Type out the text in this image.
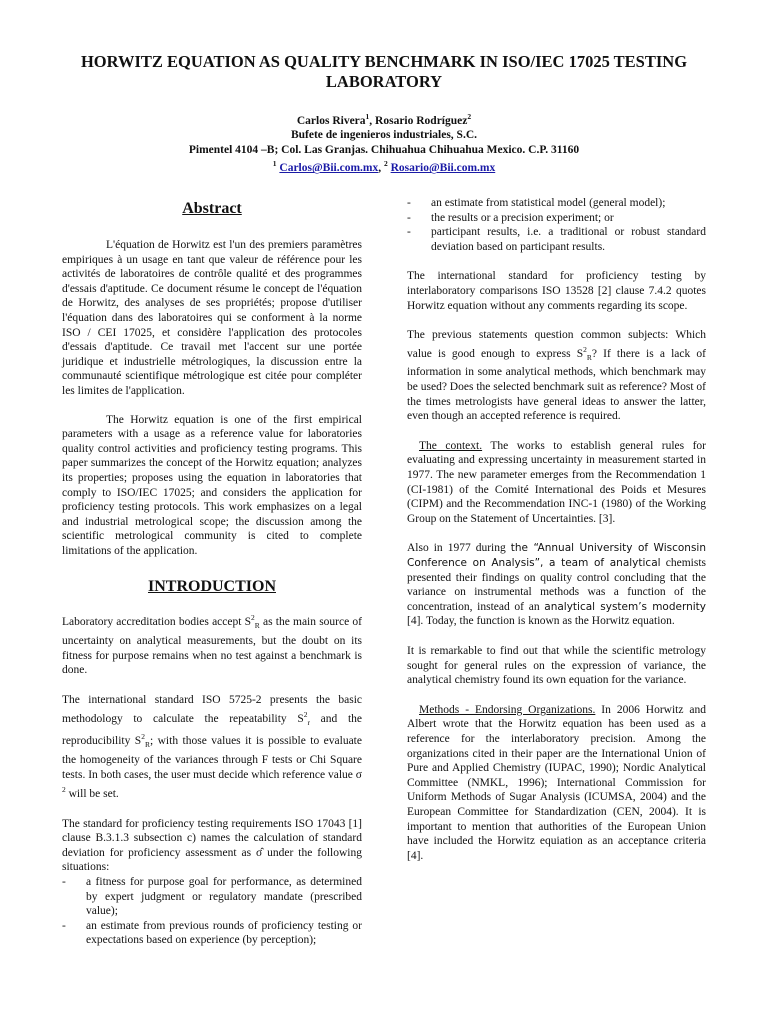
HORWITZ EQUATION AS QUALITY BENCHMARK IN ISO/IEC 17025 TESTING LABORATORY
Carlos Rivera$^1$, Rosario Rodríguez$^2$
Bufete de ingenieros industriales, S.C.
Pimentel 4104 –B; Col. Las Granjas. Chihuahua Chihuahua Mexico. C.P. 31160
$^1$ Carlos@Bii.com.mx, $^2$ Rosario@Bii.com.mx
Abstract

L'équation de Horwitz est l'un des premiers paramètres empiriques à un usage en tant que valeur de référence pour les activités de laboratoires de contrôle qualité et des programmes d'essais d'aptitude. Ce document résume le concept de l'équation de Horwitz, des analyses de ses propriétés; propose d'utiliser l'équation dans des laboratoires qui se conforment à la norme ISO / CEI 17025, et considère l'application des protocoles d'essais d'aptitude. Ce travail met l'accent sur une portée juridique et industrielle métrologiques, la discussion entre la communauté scientifique métrologique est citée pour compléter les limites de l'application.

The Horwitz equation is one of the first empirical parameters with a usage as a reference value for laboratories quality control activities and proficiency testing programs. This paper summarizes the concept of the Horwitz equation; analyzes its properties; proposes using the equation in laboratories that comply to ISO/IEC 17025; and considers the application for proficiency testing protocols. This work emphasizes on a legal and industrial metrological scope; the discussion among the scientific metrological community is cited to complete limitations of the application.

INTRODUCTION

Laboratory accreditation bodies accept $S^2_R$ as the main source of uncertainty on analytical measurements, but the doubt on its fitness for purpose remains when no test against a benchmark is done.

The international standard ISO 5725-2 presents the basic methodology to calculate the repeatability $S^2_r$ and the reproducibility $S^2_R$; with those values it is possible to evaluate the homogeneity of the variances through F tests or Chi Square tests. In both cases, the user must decide which reference value σ $^2$ will be set.

The standard for proficiency testing requirements ISO 17043 [1] clause B.3.1.3 subsection c) names the calculation of standard deviation for proficiency assessment as σ̂ under the following situations:

- a fitness for purpose goal for performance, as determined by expert judgment or regulatory mandate (prescribed value);
- an estimate from previous rounds of proficiency testing or expectations based on experience (by perception);
- an estimate from statistical model (general model);
- the results or a precision experiment; or
- participant results, i.e. a traditional or robust standard deviation based on participant results.

The international standard for proficiency testing by interlaboratory comparisons ISO 13528 [2] clause 7.4.2 quotes Horwitz equation without any comments regarding its scope.

The previous statements question common subjects: Which value is good enough to express $S^2_R$? If there is a lack of information in some analytical methods, which benchmark may be used? Does the selected benchmark suit as reference? Most of the times metrologists have general ideas to answer the latter, even though an accepted reference is required.

The context. The works to establish general rules for evaluating and expressing uncertainty in measurement started in 1977. The new parameter emerges from the Recommendation 1 (CI-1981) of the Comité International des Poids et Mesures (CIPM) and the Recommendation INC-1 (1980) of the Working Group on the Statement of Uncertainties. [3].

Also in 1977 during the “Annual University of Wisconsin Conference on Analysis”, a team of analytical chemists presented their findings on quality control concluding that the variance on instrumental methods was a function of the concentration, instead of an analytical system’s modernity [4]. Today, the function is known as the Horwitz equation.

It is remarkable to find out that while the scientific metrology sought for general rules on the expression of variance, the analytical chemistry found its own equation for the variance.

Methods - Endorsing Organizations. In 2006 Horwitz and Albert wrote that the Horwitz equation has been used as a reference for the interlaboratory precision. Among the organizations cited in their paper are the International Union of Pure and Applied Chemistry (IUPAC, 1990); Nordic Analytical Committee (NMKL, 1996); International Commission for Uniform Methods of Sugar Analysis (ICUMSA, 2004) and the European Committee for Standardization (CEN, 2004). It is important to mention that authorities of the European Union have included the Horwitz equiation as an acceptance criteria [4].
